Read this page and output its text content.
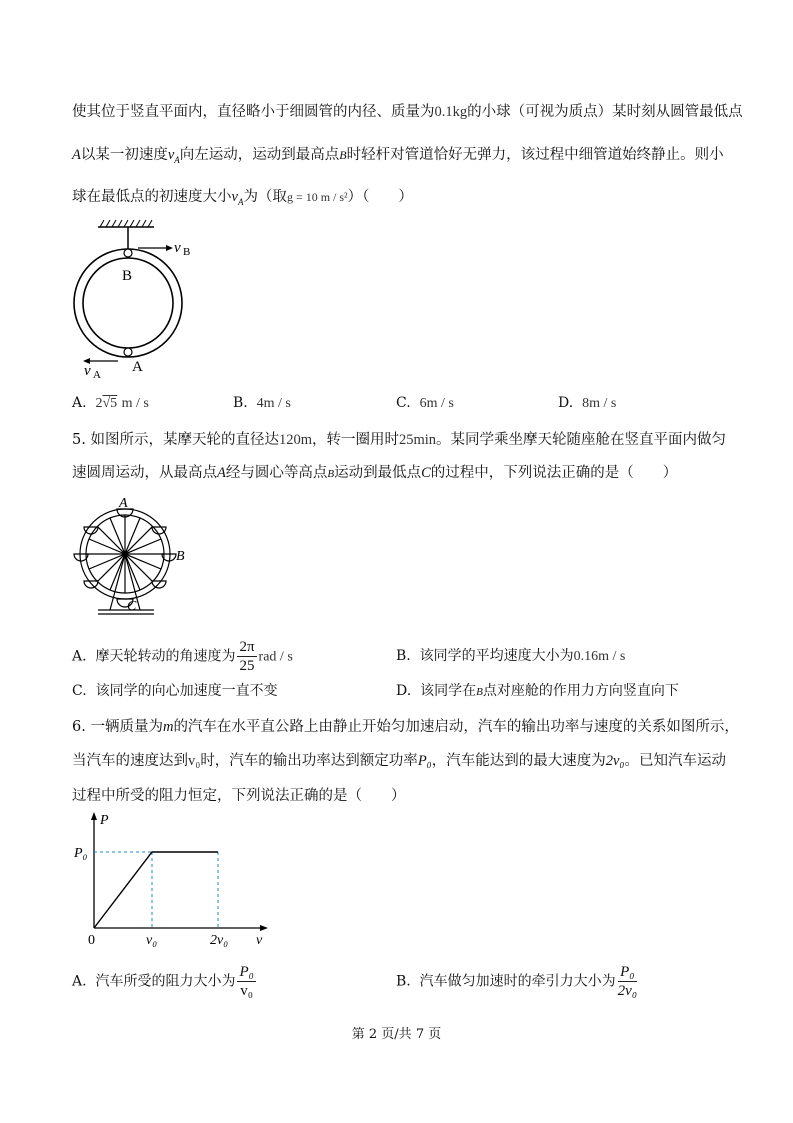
使其位于竖直平面内，直径略小于细圆管的内径、质量为0.1kg的小球（可视为质点）某时刻从圆管最低点
A以某一初速度$v_A$向左运动，运动到最高点B时轻杆对管道恰好无弹力，该过程中细管道始终静止。则小
球在最低点的初速度大小$v_A$为（取g = 10 m / s²）（　　）
v B
B
A
v A
A. 2√5 m / s	B. 4m / s	C. 6m / s	D. 8m / s
5. 如图所示，某摩天轮的直径达120m，转一圈用时25min。某同学乘坐摩天轮随座舱在竖直平面内做匀
速圆周运动，从最高点A经与圆心等高点B运动到最低点C的过程中，下列说法正确的是（　　）
A
B
C
A. 摩天轮转动的角速度为 $\frac{2\pi}{25}$ rad / s	B. 该同学的平均速度大小为0.16m / s
C. 该同学的向心加速度一直不变	D. 该同学在B点对座舱的作用力方向竖直向下
6. 一辆质量为m的汽车在水平直公路上由静止开始匀加速启动，汽车的输出功率与速度的关系如图所示，
当汽车的速度达到v₀时，汽车的输出功率达到额定功率P₀，汽车能达到的最大速度为2v₀。已知汽车运动
过程中所受的阻力恒定，下列说法正确的是（　　）
P
P₀
0	v₀	2v₀ v
A. 汽车所受的阻力大小为 $\frac{\text{P₀}}{\text{v₀}}$	B. 汽车做匀加速时的牵引力大小为 $\frac{\text{P₀}}{\text{2v₀}}$
第 2 页/共 7 页
